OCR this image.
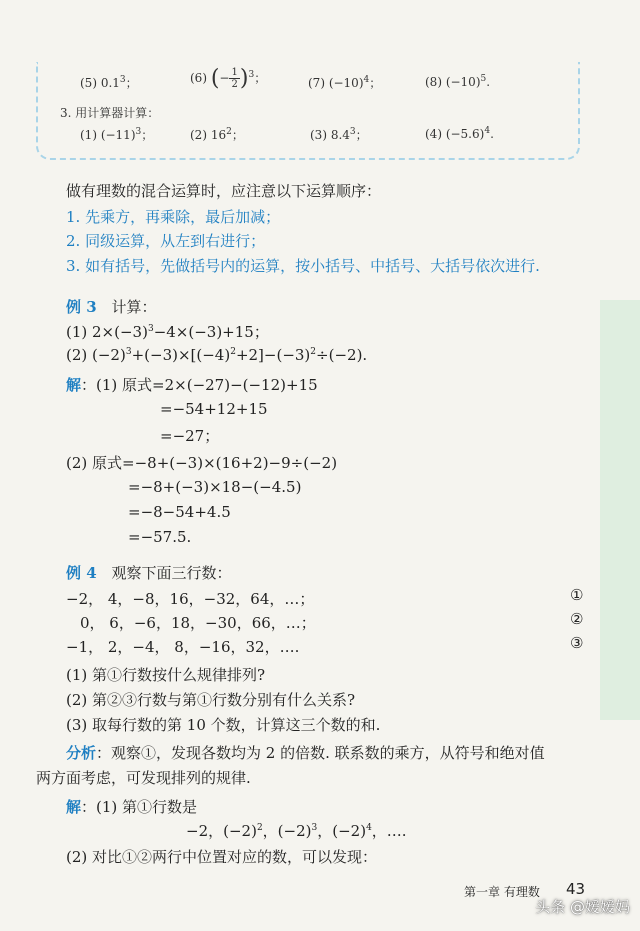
(5) $0.1^3$；	(6) (− $\frac{1}{2} )^3$；	(7) $(-10)^4$；	(8) $(-10)^5$.
3. 用计算器计算：
(1) $(-11)^3$；	(2) $16^2$；	(3) $8.4^3$；	(4) $(-5.6)^4$.
做有理数的混合运算时，应注意以下运算顺序：
1. 先乘方，再乘除，最后加减；
2. 同级运算，从左到右进行；
3. 如有括号，先做括号内的运算，按小括号、中括号、大括号依次进行.
例 3 计算：
(1) $2\times(-3)^3-4\times(-3)+15$；
(2) $(-2)^3+(-3)\times[(-4)^2+2]-(-3)^2\div(-2)$.
解：(1) 原式=2×(−27)−(−12)+15
=−54+12+15
=−27；
(2) 原式=−8+(−3)×(16+2)−9÷(−2)
=−8+(−3)×18−(−4.5)
=−8−54+4.5
=−57.5.
例 4 观察下面三行数：
−2， 4，−8，16，−32，64，…；	①
0， 6，−6，18，−30，66，…；	②
−1， 2，−4， 8，−16，32，….	③
(1) 第①行数按什么规律排列?
(2) 第②③行数与第①行数分别有什么关系?
(3) 取每行数的第 10 个数，计算这三个数的和.
分析：观察①，发现各数均为 2 的倍数. 联系数的乘方，从符号和绝对值
两方面考虑，可发现排列的规律.
解：(1) 第①行数是
−2，$(-2)^2$，$(-2)^3$，$(-2)^4$，….
(2) 对比①②两行中位置对应的数，可以发现：
第一章 有理数 43
头条 @嫒嫒妈
